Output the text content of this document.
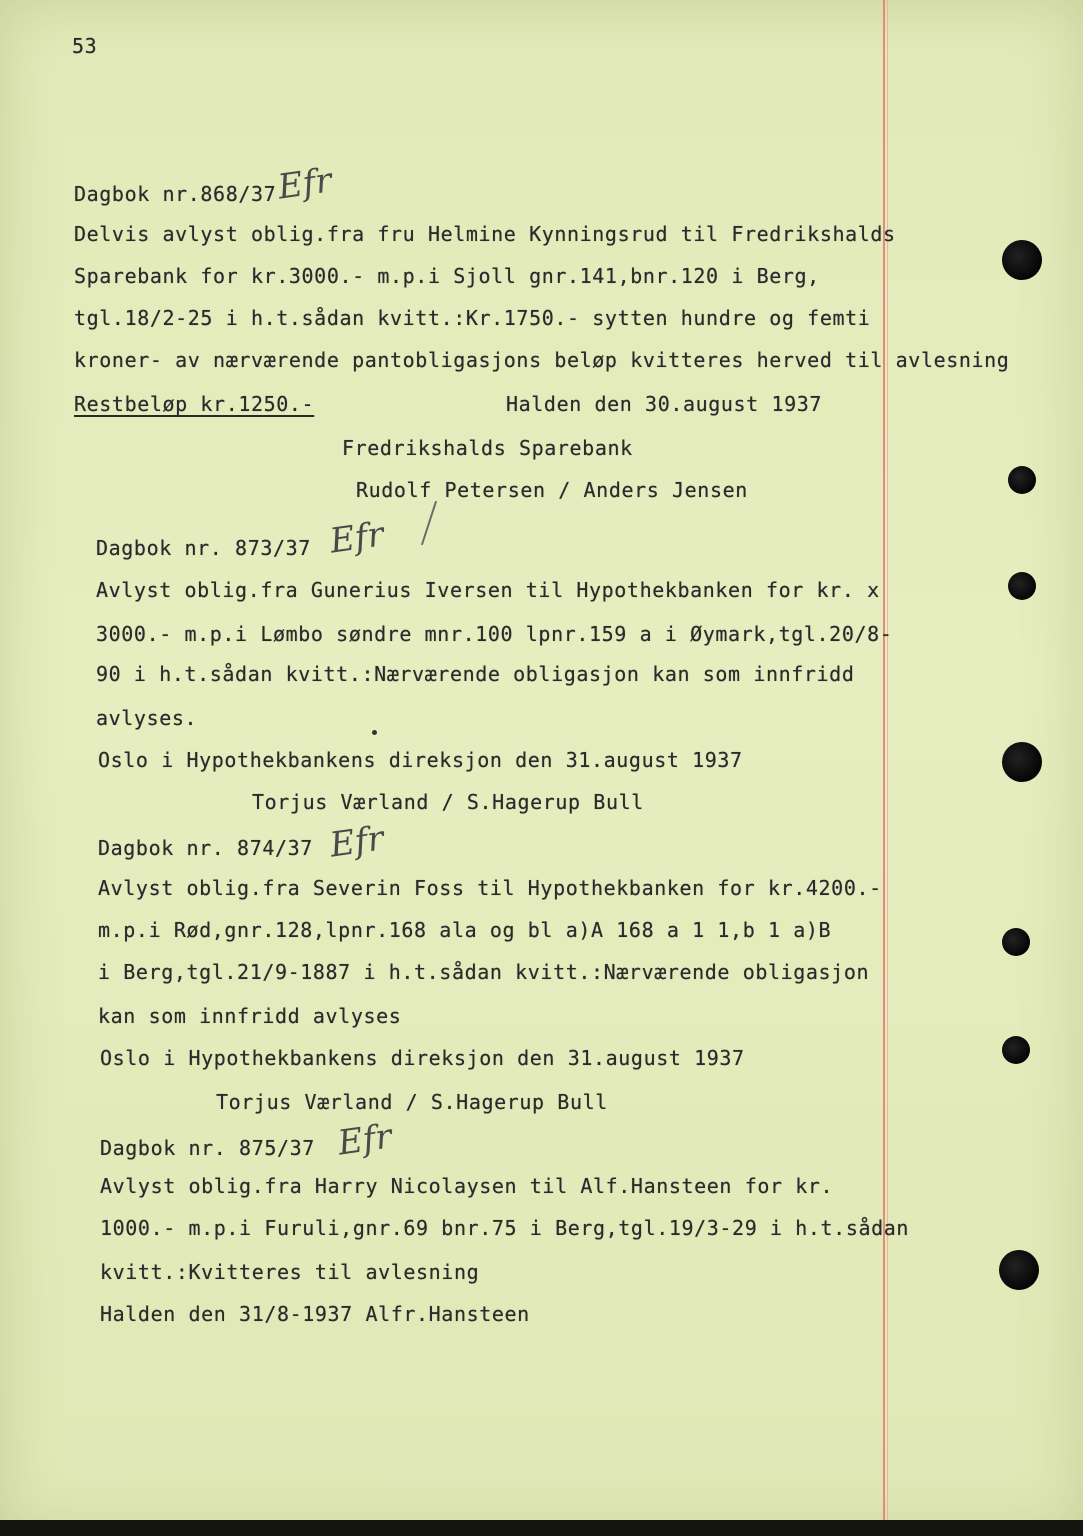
53
Dagbok nr.868/37 Efr
Delvis avlyst oblig.fra fru Helmine Kynningsrud til Fredrikshalds
Sparebank for kr.3000.- m.p.i Sjoll gnr.141,bnr.120 i Berg,
tgl.18/2-25 i h.t.sådan kvitt.:Kr.1750.- sytten hundre og femti
kroner- av nærværende pantobligasjons beløp kvitteres herved til avlesning
Restbeløp kr.1250.-	Halden den 30.august 1937
Fredrikshalds Sparebank
Rudolf Petersen / Anders Jensen
Dagbok nr. 873/37 Efr
Avlyst oblig.fra Gunerius Iversen til Hypothekbanken for kr. x
3000.- m.p.i Lømbo søndre mnr.100 lpnr.159 a i Øymark,tgl.20/8-
90 i h.t.sådan kvitt.:Nærværende obligasjon kan som innfridd
avlyses.
Oslo i Hypothekbankens direksjon den 31.august 1937
Torjus Værland / S.Hagerup Bull
Dagbok nr. 874/37 Efr
Avlyst oblig.fra Severin Foss til Hypothekbanken for kr.4200.-
m.p.i Rød,gnr.128,lpnr.168 ala og bl a)A 168 a 1 1,b 1 a)B
i Berg,tgl.21/9-1887 i h.t.sådan kvitt.:Nærværende obligasjon
kan som innfridd avlyses
Oslo i Hypothekbankens direksjon den 31.august 1937
Torjus Værland / S.Hagerup Bull
Dagbok nr. 875/37 Efr
Avlyst oblig.fra Harry Nicolaysen til Alf.Hansteen for kr.
1000.- m.p.i Furuli,gnr.69 bnr.75 i Berg,tgl.19/3-29 i h.t.sådan
kvitt.:Kvitteres til avlesning
Halden den 31/8-1937 Alfr.Hansteen
